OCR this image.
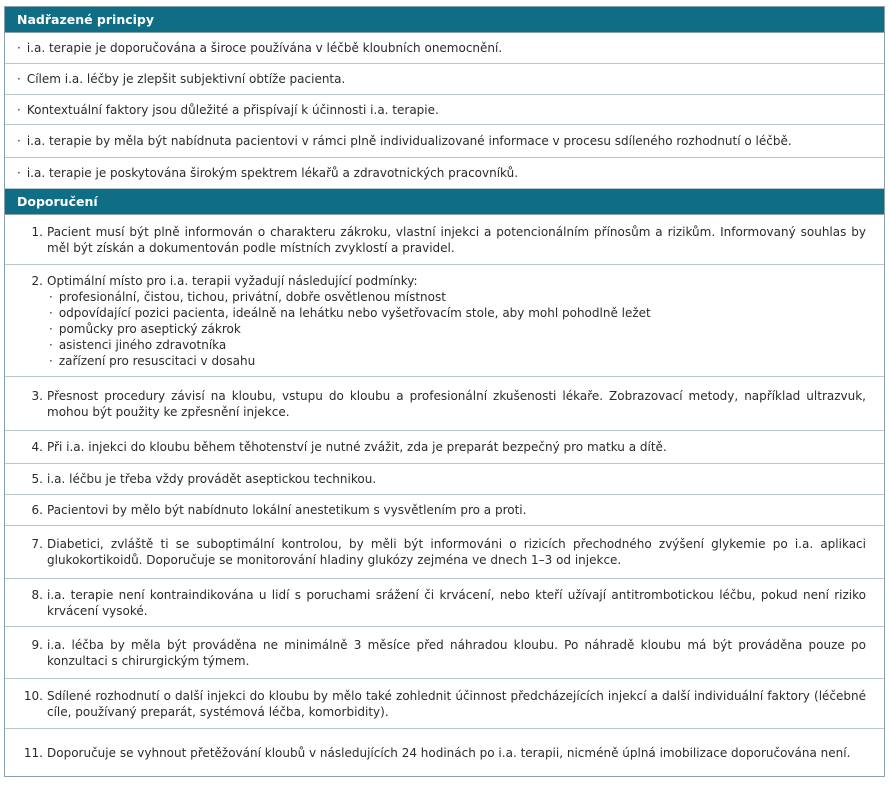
Nadřazené principy
· i.a. terapie je doporučována a široce používána v léčbě kloubních onemocnění.
· Cílem i.a. léčby je zlepšit subjektivní obtíže pacienta.
· Kontextuální faktory jsou důležité a přispívají k účinnosti i.a. terapie.
· i.a. terapie by měla být nabídnuta pacientovi v rámci plně individualizované informace v procesu sdíleného rozhodnutí o léčbě.
· i.a. terapie je poskytována širokým spektrem lékařů a zdravotnických pracovníků.
Doporučení
1. Pacient musí být plně informován o charakteru zákroku, vlastní injekci a potencionálním přínosům a rizikům. Informovaný souhlas by měl být získán a dokumentován podle místních zvyklostí a pravidel.
2. Optimální místo pro i.a. terapii vyžadují následující podmínky:
· profesionální, čistou, tichou, privátní, dobře osvětlenou místnost
· odpovídající pozici pacienta, ideálně na lehátku nebo vyšetřovacím stole, aby mohl pohodlně ležet
· pomůcky pro aseptický zákrok
· asistenci jiného zdravotníka
· zařízení pro resuscitaci v dosahu
3. Přesnost procedury závisí na kloubu, vstupu do kloubu a profesionální zkušenosti lékaře. Zobrazovací metody, například ultrazvuk, mohou být použity ke zpřesnění injekce.
4. Při i.a. injekci do kloubu během těhotenství je nutné zvážit, zda je preparát bezpečný pro matku a dítě.
5. i.a. léčbu je třeba vždy provádět aseptickou technikou.
6. Pacientovi by mělo být nabídnuto lokální anestetikum s vysvětlením pro a proti.
7. Diabetici, zvláště ti se suboptimální kontrolou, by měli být informováni o rizicích přechodného zvýšení glykemie po i.a. aplikaci glukokortikoidů. Doporučuje se monitorování hladiny glukózy zejména ve dnech 1–3 od injekce.
8. i.a. terapie není kontraindikována u lidí s poruchami srážení či krvácení, nebo kteří užívají antitrombotickou léčbu, pokud není riziko krvácení vysoké.
9. i.a. léčba by měla být prováděna ne minimálně 3 měsíce před náhradou kloubu. Po náhradě kloubu má být prováděna pouze po konzultaci s chirurgickým týmem.
10. Sdílené rozhodnutí o další injekci do kloubu by mělo také zohlednit účinnost předcházejících injekcí a další individuální faktory (léčebné cíle, používaný preparát, systémová léčba, komorbidity).
11. Doporučuje se vyhnout přetěžování kloubů v následujících 24 hodinách po i.a. terapii, nicméně úplná imobilizace doporučována není.
